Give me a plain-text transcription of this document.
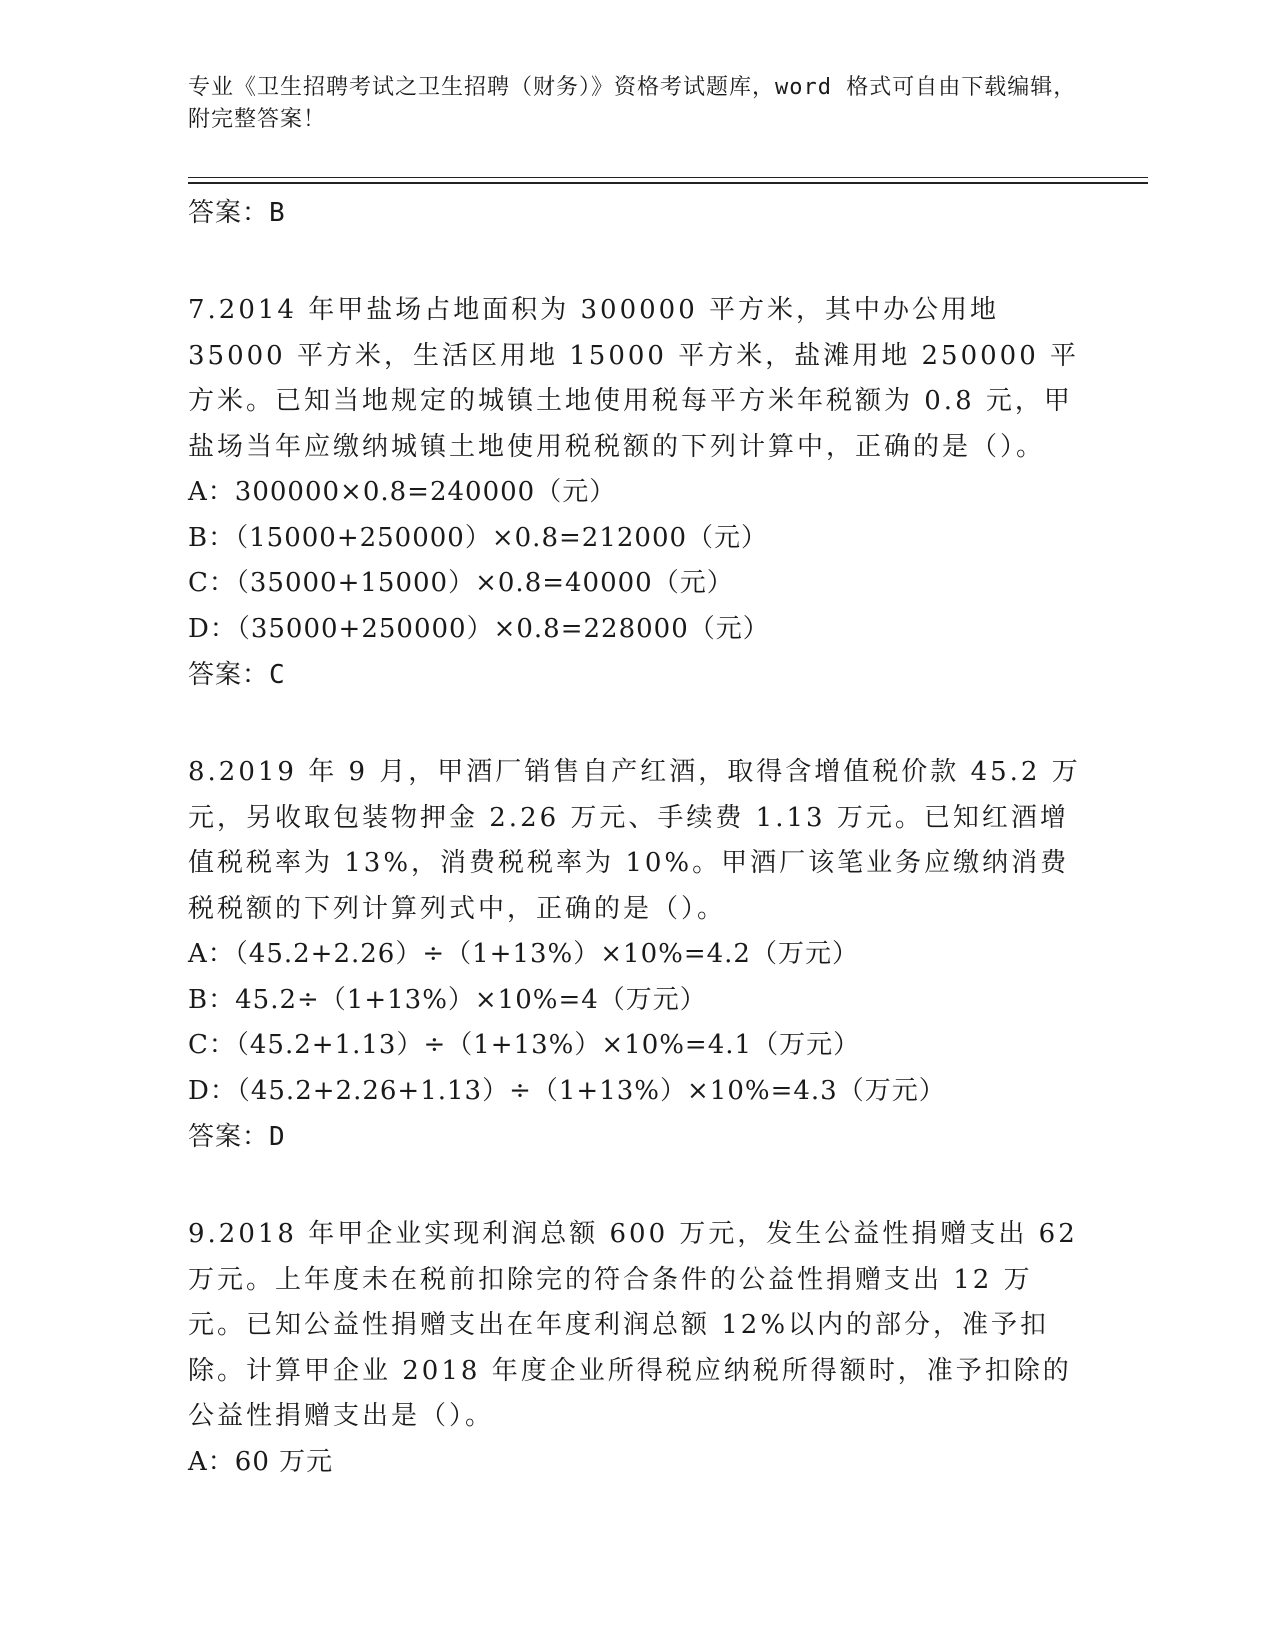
专业《卫生招聘考试之卫生招聘（财务）》资格考试题库，word 格式可自由下载编辑，附完整答案！
答案：B
7.2014 年甲盐场占地面积为 300000 平方米，其中办公用地 35000 平方米，生活区用地 15000 平方米，盐滩用地 250000 平方米。已知当地规定的城镇土地使用税每平方米年税额为 0.8 元，甲盐场当年应缴纳城镇土地使用税税额的下列计算中，正确的是（）。
A：300000×0.8=240000（元）
B：（15000+250000）×0.8=212000（元）
C：（35000+15000）×0.8=40000（元）
D：（35000+250000）×0.8=228000（元）
答案：C
8.2019 年 9 月，甲酒厂销售自产红酒，取得含增值税价款 45.2 万元，另收取包装物押金 2.26 万元、手续费 1.13 万元。已知红酒增值税税率为 13%，消费税税率为 10%。甲酒厂该笔业务应缴纳消费税税额的下列计算列式中，正确的是（）。
A：（45.2+2.26）÷（1+13%）×10%=4.2（万元）
B：45.2÷（1+13%）×10%=4（万元）
C：（45.2+1.13）÷（1+13%）×10%=4.1（万元）
D：（45.2+2.26+1.13）÷（1+13%）×10%=4.3（万元）
答案：D
9.2018 年甲企业实现利润总额 600 万元，发生公益性捐赠支出 62 万元。上年度未在税前扣除完的符合条件的公益性捐赠支出 12 万元。已知公益性捐赠支出在年度利润总额 12%以内的部分，准予扣除。计算甲企业 2018 年度企业所得税应纳税所得额时，准予扣除的公益性捐赠支出是（）。
A：60 万元
